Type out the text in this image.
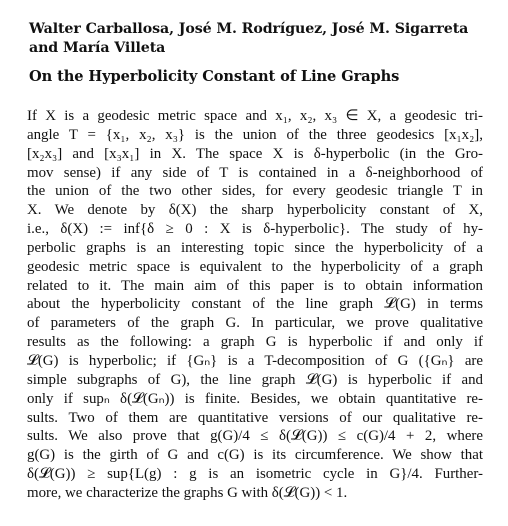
Walter Carballosa, José M. Rodríguez, José M. Sigarreta
and María Villeta
On the Hyperbolicity Constant of Line Graphs
If X is a geodesic metric space and x₁, x₂, x₃ ∈ X, a geodesic tri-
angle T = {x₁, x₂, x₃} is the union of the three geodesics [x₁x₂],
[x₂x₃] and [x₃x₁] in X. The space X is δ-hyperbolic (in the Gro-
mov sense) if any side of T is contained in a δ-neighborhood of
the union of the two other sides, for every geodesic triangle T in
X. We denote by δ(X) the sharp hyperbolicity constant of X,
i.e., δ(X) := inf{δ ≥ 0 : X is δ-hyperbolic}. The study of hy-
perbolic graphs is an interesting topic since the hyperbolicity of a
geodesic metric space is equivalent to the hyperbolicity of a graph
related to it. The main aim of this paper is to obtain information
about the hyperbolicity constant of the line graph 𝓛(G) in terms
of parameters of the graph G. In particular, we prove qualitative
results as the following: a graph G is hyperbolic if and only if
𝓛(G) is hyperbolic; if {Gₙ} is a T-decomposition of G ({Gₙ} are
simple subgraphs of G), the line graph 𝓛(G) is hyperbolic if and
only if supₙ δ(𝓛(Gₙ)) is finite. Besides, we obtain quantitative re-
sults. Two of them are quantitative versions of our qualitative re-
sults. We also prove that g(G)/4 ≤ δ(𝓛(G)) ≤ c(G)/4 + 2, where
g(G) is the girth of G and c(G) is its circumference. We show that
δ(𝓛(G)) ≥ sup{L(g) : g is an isometric cycle in G}/4. Further-
more, we characterize the graphs G with δ(𝓛(G)) < 1.
